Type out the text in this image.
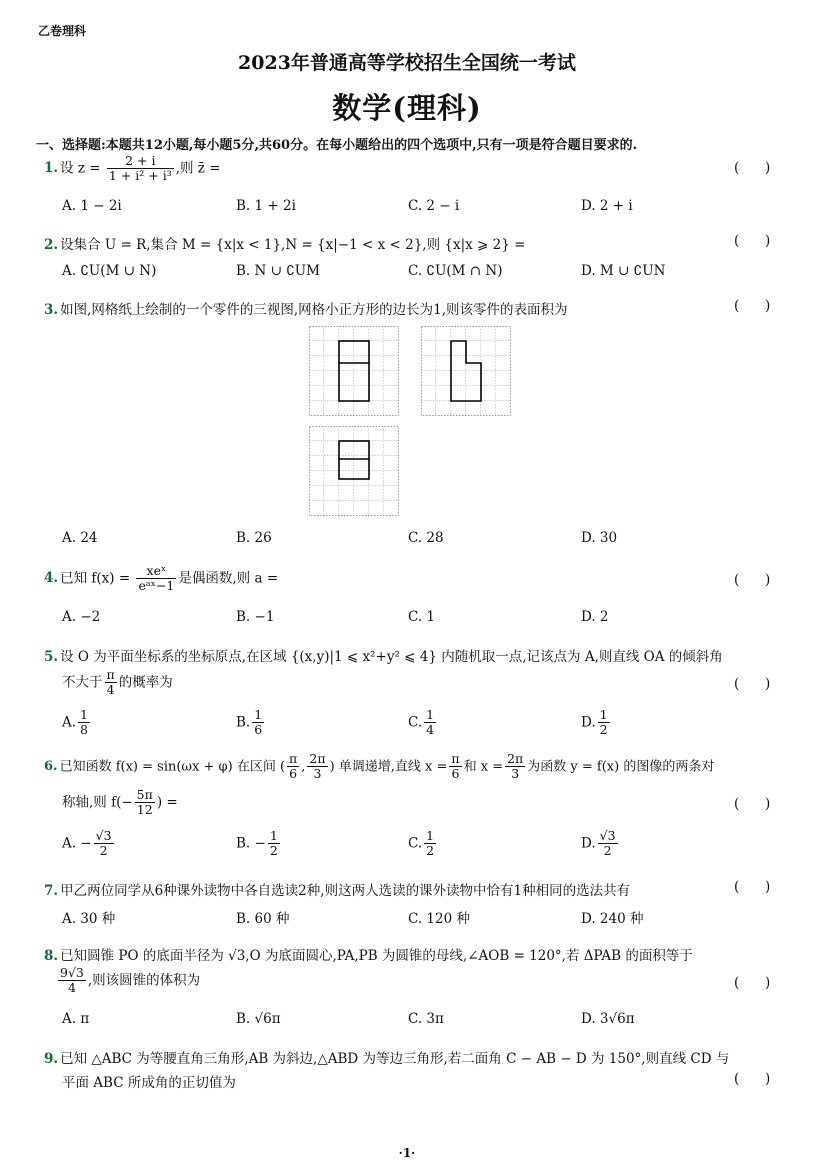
乙卷理科
2023年普通高等学校招生全国统一考试
数学(理科)
一、选择题:本题共12小题,每小题5分,共60分。在每小题给出的四个选项中,只有一项是符合题目要求的.
1. 设 $z = \frac{2 + i}{\text{1 + i² + i³}}$ ,则 z̄ =	(      )
A. 1 − 2i	B. 1 + 2i	C. 2 − i	D. 2 + i
2. 设集合 U = R,集合 M = {x|x < 1},N = {x|−1 < x < 2},则 {x|x ⩾ 2} =	(      )
A. ∁U(M ∪ N)	B. N ∪ ∁UM	C. ∁U(M ∩ N)	D. M ∪ ∁UN
3. 如图,网格纸上绘制的一个零件的三视图,网格小正方形的边长为1,则该零件的表面积为	(      )
A. 24	B. 26	C. 28	D. 30
4. 已知 $f(x) = \frac{\text{xeˣ}}{\text{eᵃˣ−1}}$ 是偶函数,则 a =	(      )
A. −2	B. −1	C. 1	D. 2
5. 设 O 为平面坐标系的坐标原点,在区域 {(x,y)|1 ⩽ x²+y² ⩽ 4} 内随机取一点,记该点为 A,则直线 OA 的倾斜角
不大于 $\frac{\pi}{4}$ 的概率为	(      )
A. $\frac{1}{8}$	B. $\frac{1}{6}$	C. $\frac{1}{4}$	D. $\frac{1}{2}$
6. 已知函数 f(x) = sin(ωx + φ) 在区间 ( $\frac{\pi}{6}$ , $\frac{2\pi}{3}$ ) 单调递增,直线 $x = \frac{\pi}{6}$ 和 $x = \frac{2\pi}{3}$ 为函数 y = f(x) 的图像的两条对
称轴,则 $f(- \frac{5\pi}{12}$ ) =	(      )
A. − $\frac{√3}{2}$	B. − $\frac{1}{2}$	C. $\frac{1}{2}$	D. $\frac{√3}{2}$
7. 甲乙两位同学从6种课外读物中各自选读2种,则这两人选读的课外读物中恰有1种相同的选法共有	(      )
A. 30 种	B. 60 种	C. 120 种	D. 240 种
8. 已知圆锥 PO 的底面半径为 √3,O 为底面圆心,PA,PB 为圆锥的母线,∠AOB = 120°,若 ΔPAB 的面积等于
$\frac{9√3}{4}$ ,则该圆锥的体积为	(      )
A. π	B. √6π	C. 3π	D. 3√6π
9. 已知 △ABC 为等腰直角三角形,AB 为斜边,△ABD 为等边三角形,若二面角 C − AB − D 为 150°,则直线 CD 与
平面 ABC 所成角的正切值为	(      )
·1·
